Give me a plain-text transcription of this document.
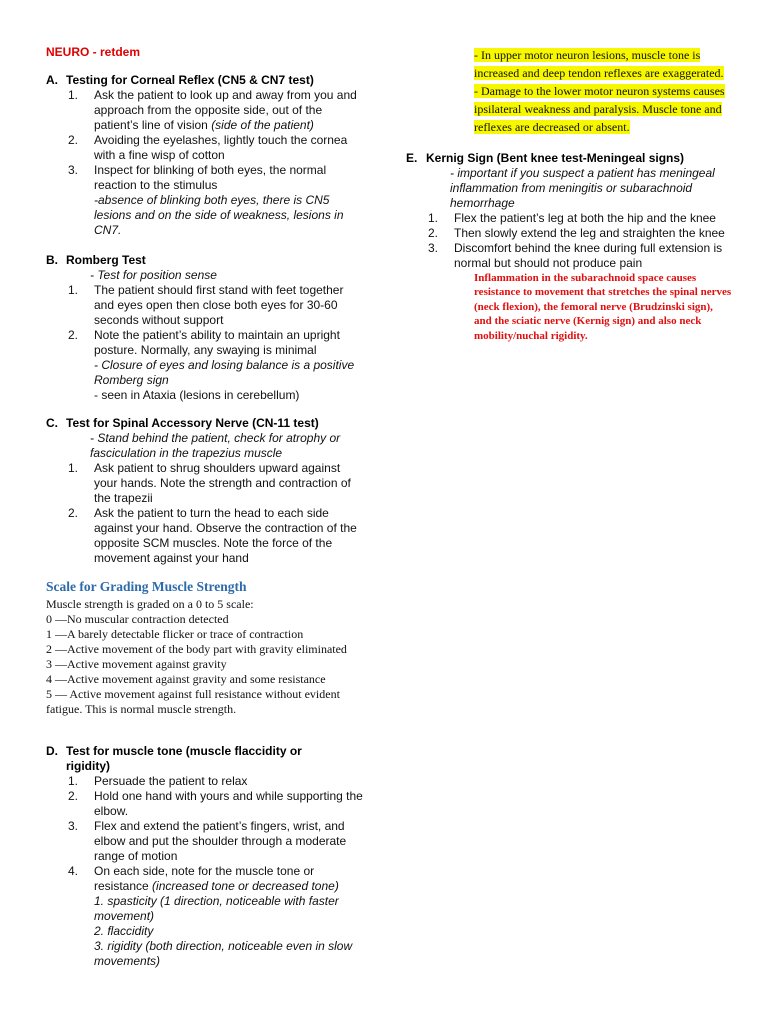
NEURO - retdem
A. Testing for Corneal Reflex (CN5 & CN7 test)
1.	Ask the patient to look up and away from you and approach from the opposite side, out of the patient’s line of vision (side of the patient)
2.	Avoiding the eyelashes, lightly touch the cornea with a fine wisp of cotton
3.	Inspect for blinking of both eyes, the normal reaction to the stimulus
-absence of blinking both eyes, there is CN5 lesions and on the side of weakness, lesions in CN7.
B. Romberg Test
- Test for position sense
1.	The patient should first stand with feet together and eyes open then close both eyes for 30-60 seconds without support
2.	Note the patient’s ability to maintain an upright posture. Normally, any swaying is minimal
- Closure of eyes and losing balance is a positive Romberg sign
- seen in Ataxia (lesions in cerebellum)
C. Test for Spinal Accessory Nerve (CN-11 test)
- Stand behind the patient, check for atrophy or fasciculation in the trapezius muscle
1.	Ask patient to shrug shoulders upward against your hands. Note the strength and contraction of the trapezii
2.	Ask the patient to turn the head to each side against your hand. Observe the contraction of the opposite SCM muscles. Note the force of the movement against your hand
Scale for Grading Muscle Strength
Muscle strength is graded on a 0 to 5 scale:
0 —No muscular contraction detected
1 —A barely detectable flicker or trace of contraction
2 —Active movement of the body part with gravity eliminated
3 —Active movement against gravity
4 —Active movement against gravity and some resistance
5 — Active movement against full resistance without evident
fatigue. This is normal muscle strength.
D. Test for muscle tone (muscle flaccidity or rigidity)
1.	Persuade the patient to relax
2.	Hold one hand with yours and while supporting the elbow.
3.	Flex and extend the patient’s fingers, wrist, and elbow and put the shoulder through a moderate range of motion
4.	On each side, note for the muscle tone or resistance (increased tone or decreased tone)
1. spasticity (1 direction, noticeable with faster movement)
2. flaccidity
3. rigidity (both direction, noticeable even in slow movements)
- In upper motor neuron lesions, muscle tone is increased and deep tendon reflexes are exaggerated.
- Damage to the lower motor neuron systems causes ipsilateral weakness and paralysis. Muscle tone and reflexes are decreased or absent.
E. Kernig Sign (Bent knee test-Meningeal signs)
- important if you suspect a patient has meningeal inflammation from meningitis or subarachnoid hemorrhage
1.	Flex the patient’s leg at both the hip and the knee
2.	Then slowly extend the leg and straighten the knee
3.	Discomfort behind the knee during full extension is normal but should not produce pain
Inflammation in the subarachnoid space causes resistance to movement that stretches the spinal nerves (neck flexion), the femoral nerve (Brudzinski sign), and the sciatic nerve (Kernig sign) and also neck mobility/nuchal rigidity.
